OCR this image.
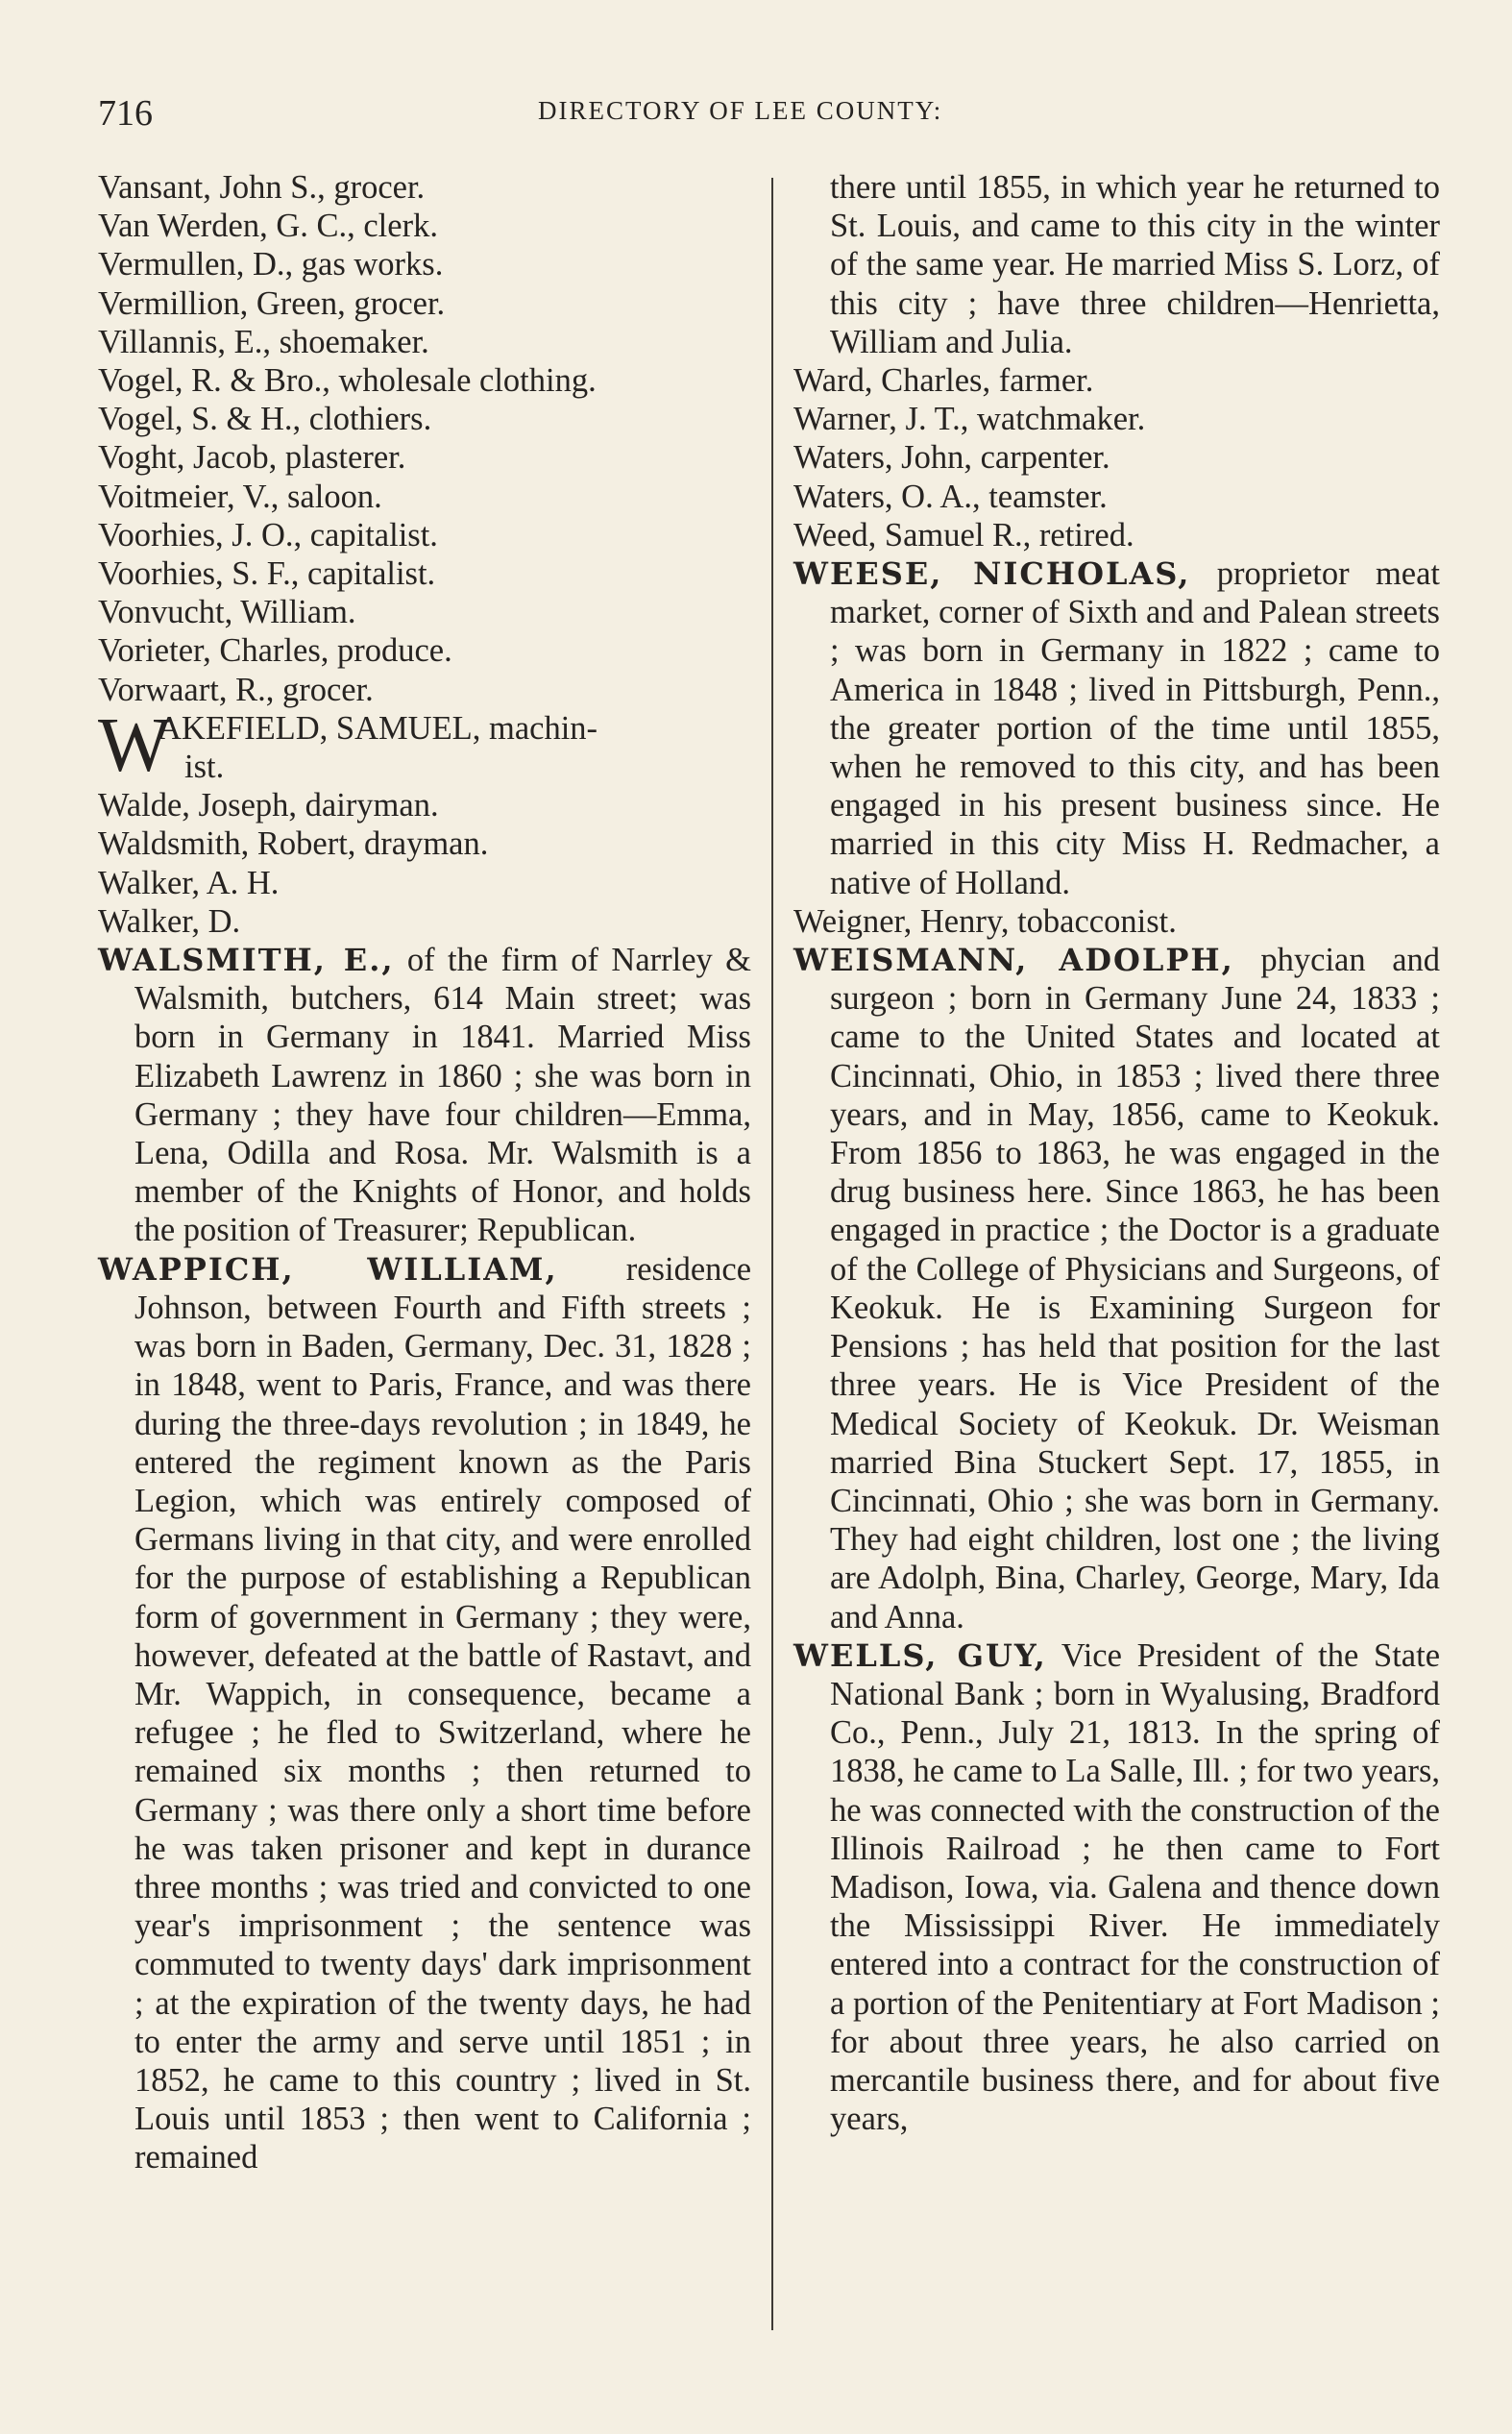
716	DIRECTORY OF LEE COUNTY:
Vansant, John S., grocer.
Van Werden, G. C., clerk.
Vermullen, D., gas works.
Vermillion, Green, grocer.
Villannis, E., shoemaker.
Vogel, R. & Bro., wholesale clothing.
Vogel, S. & H., clothiers.
Voght, Jacob, plasterer.
Voitmeier, V., saloon.
Voorhies, J. O., capitalist.
Voorhies, S. F., capitalist.
Vonvucht, William.
Vorieter, Charles, produce.
Vorwaart, R., grocer.
W
AKEFIELD, SAMUEL, machin-
ist.
Walde, Joseph, dairyman.
Waldsmith, Robert, drayman.
Walker, A. H.
Walker, D.
WALSMITH, E., of the firm of Narrley & Walsmith, butchers, 614 Main street; was born in Germany in 1841. Married Miss Elizabeth Lawrenz in 1860 ; she was born in Germany ; they have four children—Emma, Lena, Odilla and Rosa. Mr. Walsmith is a member of the Knights of Honor, and holds the position of Treasurer; Republican.
WAPPICH, WILLIAM, residence Johnson, between Fourth and Fifth streets ; was born in Baden, Germany, Dec. 31, 1828 ; in 1848, went to Paris, France, and was there during the three-days revolution ; in 1849, he entered the regiment known as the Paris Legion, which was entirely composed of Germans living in that city, and were enrolled for the purpose of establishing a Republican form of government in Germany ; they were, however, defeated at the battle of Rastavt, and Mr. Wappich, in consequence, became a refugee ; he fled to Switzerland, where he remained six months ; then returned to Germany ; was there only a short time before he was taken prisoner and kept in durance three months ; was tried and convicted to one year's imprisonment ; the sentence was commuted to twenty days' dark imprisonment ; at the expiration of the twenty days, he had to enter the army and serve until 1851 ; in 1852, he came to this country ; lived in St. Louis until 1853 ; then went to California ; remained
there until 1855, in which year he returned to St. Louis, and came to this city in the winter of the same year. He married Miss S. Lorz, of this city ; have three children—Henrietta, William and Julia.
Ward, Charles, farmer.
Warner, J. T., watchmaker.
Waters, John, carpenter.
Waters, O. A., teamster.
Weed, Samuel R., retired.
WEESE, NICHOLAS, proprietor meat market, corner of Sixth and and Palean streets ; was born in Germany in 1822 ; came to America in 1848 ; lived in Pittsburgh, Penn., the greater portion of the time until 1855, when he removed to this city, and has been engaged in his present business since. He married in this city Miss H. Redmacher, a native of Holland.
Weigner, Henry, tobacconist.
WEISMANN, ADOLPH, phycian and surgeon ; born in Germany June 24, 1833 ; came to the United States and located at Cincinnati, Ohio, in 1853 ; lived there three years, and in May, 1856, came to Keokuk. From 1856 to 1863, he was engaged in the drug business here. Since 1863, he has been engaged in practice ; the Doctor is a graduate of the College of Physicians and Surgeons, of Keokuk. He is Examining Surgeon for Pensions ; has held that position for the last three years. He is Vice President of the Medical Society of Keokuk. Dr. Weisman married Bina Stuckert Sept. 17, 1855, in Cincinnati, Ohio ; she was born in Germany. They had eight children, lost one ; the living are Adolph, Bina, Charley, George, Mary, Ida and Anna.
WELLS, GUY, Vice President of the State National Bank ; born in Wyalusing, Bradford Co., Penn., July 21, 1813. In the spring of 1838, he came to La Salle, Ill. ; for two years, he was connected with the construction of the Illinois Railroad ; he then came to Fort Madison, Iowa, via. Galena and thence down the Mississippi River. He immediately entered into a contract for the construction of a portion of the Penitentiary at Fort Madison ; for about three years, he also carried on mercantile business there, and for about five years,
